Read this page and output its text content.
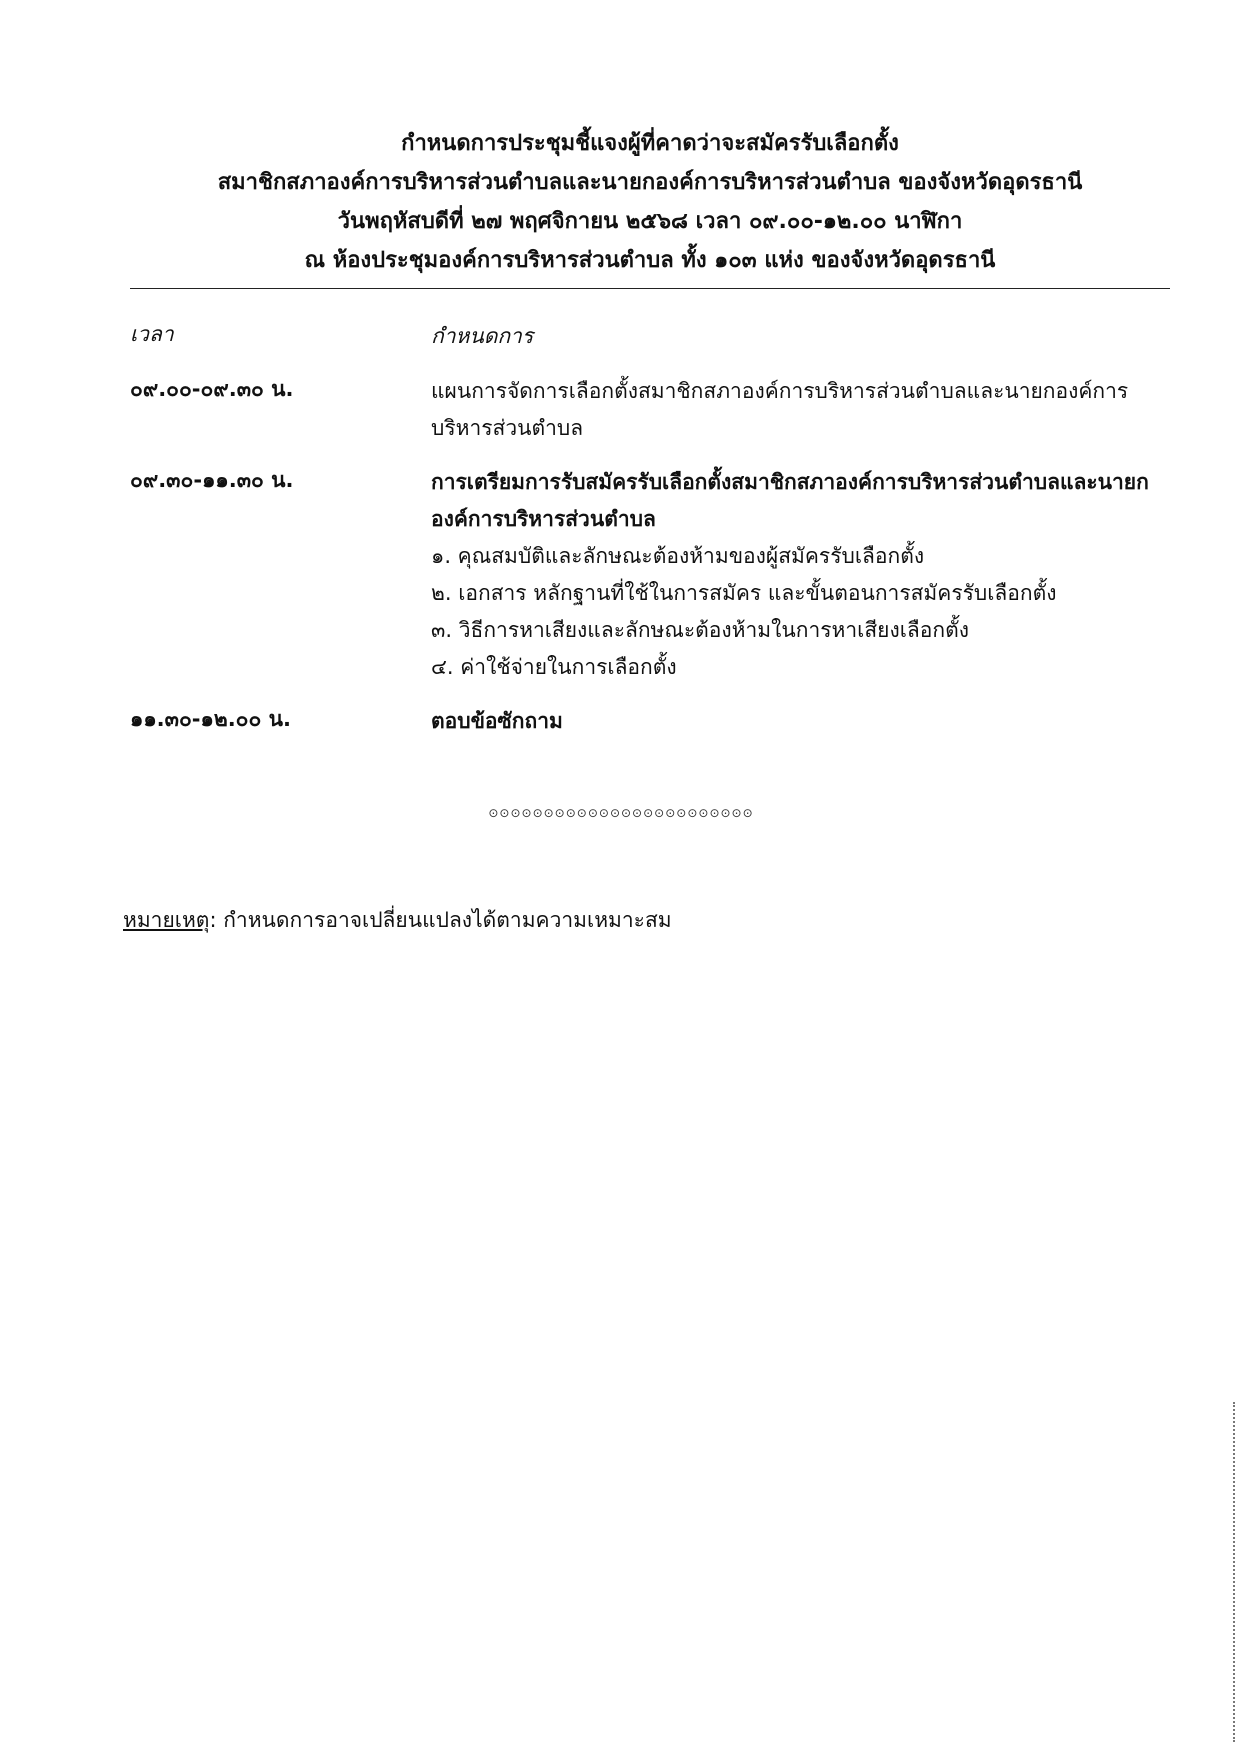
กำหนดการประชุมชี้แจงผู้ที่คาดว่าจะสมัครรับเลือกตั้ง
สมาชิกสภาองค์การบริหารส่วนตำบลและนายกองค์การบริหารส่วนตำบล ของจังหวัดอุดรธานี
วันพฤหัสบดีที่ ๒๗ พฤศจิกายน ๒๕๖๘ เวลา ๐๙.๐๐-๑๒.๐๐ นาฬิกา
ณ ห้องประชุมองค์การบริหารส่วนตำบล ทั้ง ๑๐๓ แห่ง ของจังหวัดอุดรธานี
เวลา	กำหนดการ
๐๙.๐๐-๐๙.๓๐ น.	แผนการจัดการเลือกตั้งสมาชิกสภาองค์การบริหารส่วนตำบลและนายกองค์การบริหารส่วนตำบล
๐๙.๓๐-๑๑.๓๐ น.	การเตรียมการรับสมัครรับเลือกตั้งสมาชิกสภาองค์การบริหารส่วนตำบลและนายกองค์การบริหารส่วนตำบล
๑. คุณสมบัติและลักษณะต้องห้ามของผู้สมัครรับเลือกตั้ง
๒. เอกสาร หลักฐานที่ใช้ในการสมัคร และขั้นตอนการสมัครรับเลือกตั้ง
๓. วิธีการหาเสียงและลักษณะต้องห้ามในการหาเสียงเลือกตั้ง
๔. ค่าใช้จ่ายในการเลือกตั้ง
๑๑.๓๐-๑๒.๐๐ น.	ตอบข้อซักถาม
⊙⊙⊙⊙⊙⊙⊙⊙⊙⊙⊙⊙⊙⊙⊙⊙⊙⊙⊙⊙⊙⊙⊙⊙
หมายเหตุ: กำหนดการอาจเปลี่ยนแปลงได้ตามความเหมาะสม
